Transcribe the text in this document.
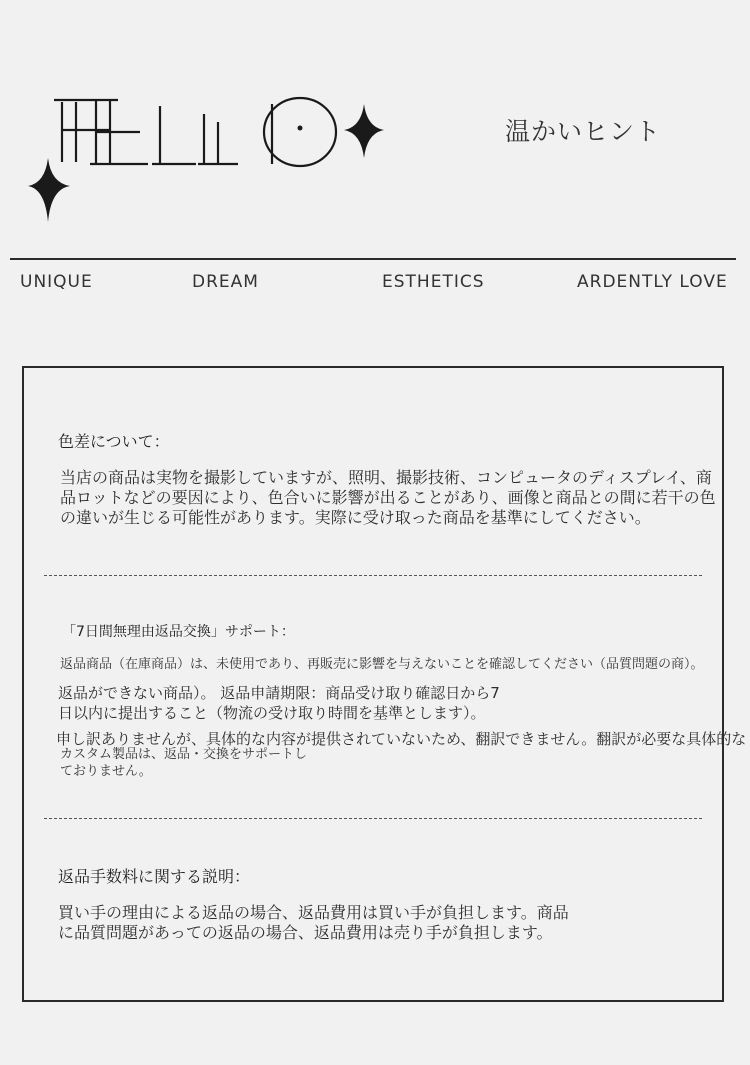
温かいヒント
UNIQUE	DREAM	ESTHETICS	ARDENTLY LOVE
色差について：
当店の商品は実物を撮影していますが、照明、撮影技術、コンピュータのディスプレイ、商
品ロットなどの要因により、色合いに影響が出ることがあり、画像と商品との間に若干の色
の違いが生じる可能性があります。実際に受け取った商品を基準にしてください。
「7日間無理由返品交換」サポート：
返品商品（在庫商品）は、未使用であり、再販売に影響を与えないことを確認してください（品質問題の商）。
返品ができない商品）。 返品申請期限：商品受け取り確認日から7
日以内に提出すること（物流の受け取り時間を基準とします）。
申し訳ありませんが、具体的な内容が提供されていないため、翻訳できません。翻訳が必要な具体的な
カスタム製品は、返品・交換をサポートし
ておりません。
返品手数料に関する説明：
買い手の理由による返品の場合、返品費用は買い手が負担します。商品
に品質問題があっての返品の場合、返品費用は売り手が負担します。
